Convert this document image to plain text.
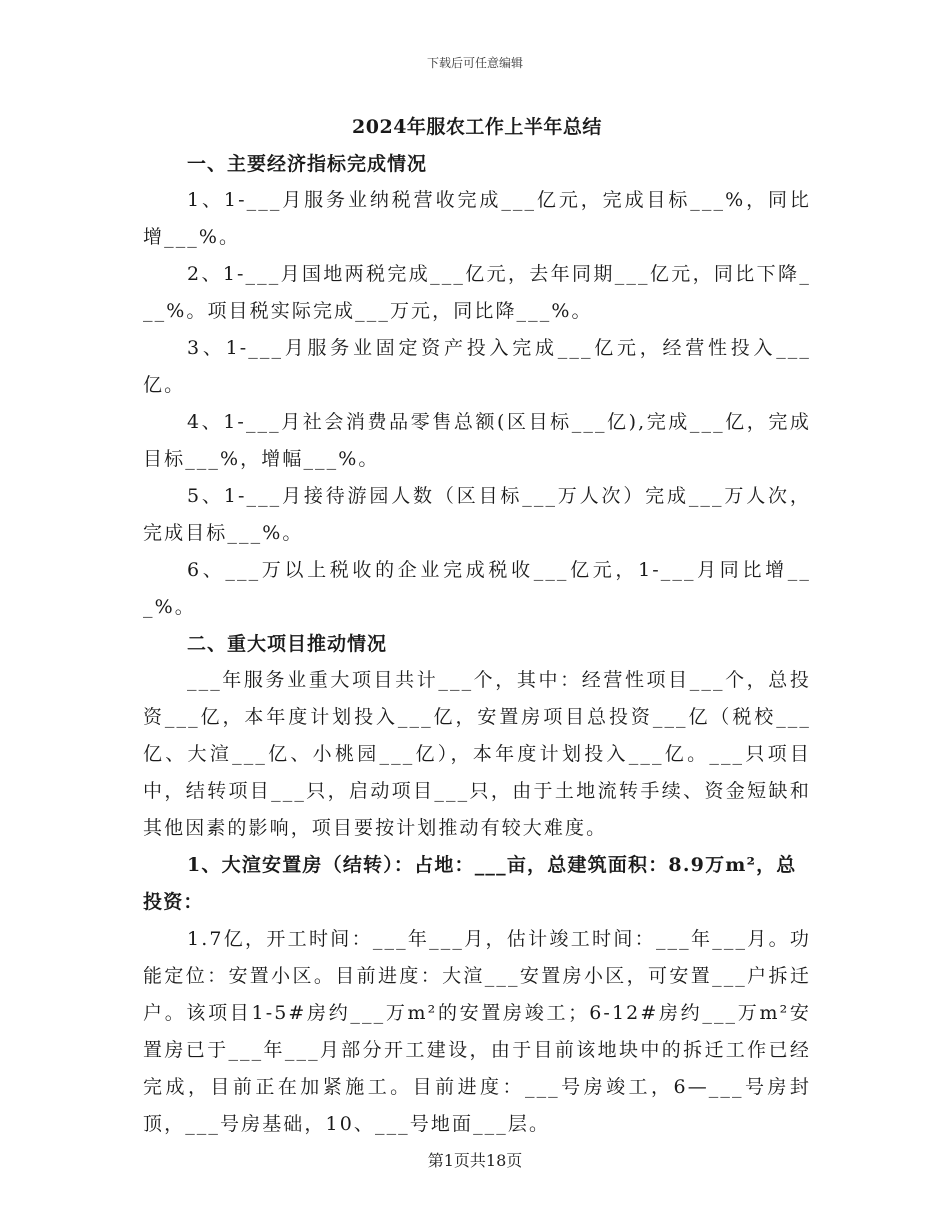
下载后可任意编辑
2024年服农工作上半年总结
一、主要经济指标完成情况

1、1-___月服务业纳税营收完成___亿元，完成目标___%，同比增___%。

2、1-___月国地两税完成___亿元，去年同期___亿元，同比下降___%。项目税实际完成___万元，同比降___%。

3、1-___月服务业固定资产投入完成___亿元，经营性投入___亿。

4、1-___月社会消费品零售总额(区目标___亿),完成___亿，完成目标___%，增幅___%。

5、1-___月接待游园人数（区目标___万人次）完成___万人次，完成目标___%。

6、___万以上税收的企业完成税收___亿元，1-___月同比增___%。

二、重大项目推动情况

___年服务业重大项目共计___个，其中：经营性项目___个，总投资___亿，本年度计划投入___亿，安置房项目总投资___亿（税校___亿、大渲___亿、小桃园___亿），本年度计划投入___亿。___只项目中，结转项目___只，启动项目___只，由于土地流转手续、资金短缺和其他因素的影响，项目要按计划推动有较大难度。

1、大渲安置房（结转）：占地：___亩，总建筑面积：8.9万m²，总投资：

1.7亿，开工时间：___年___月，估计竣工时间：___年___月。功能定位：安置小区。目前进度：大渲___安置房小区，可安置___户拆迁户。该项目1-5#房约___万m²的安置房竣工；6-12#房约___万m²安置房已于___年___月部分开工建设，由于目前该地块中的拆迁工作已经完成，目前正在加紧施工。目前进度：___号房竣工，6—___号房封顶，___号房基础，10、___号地面___层。

第1页共18页
